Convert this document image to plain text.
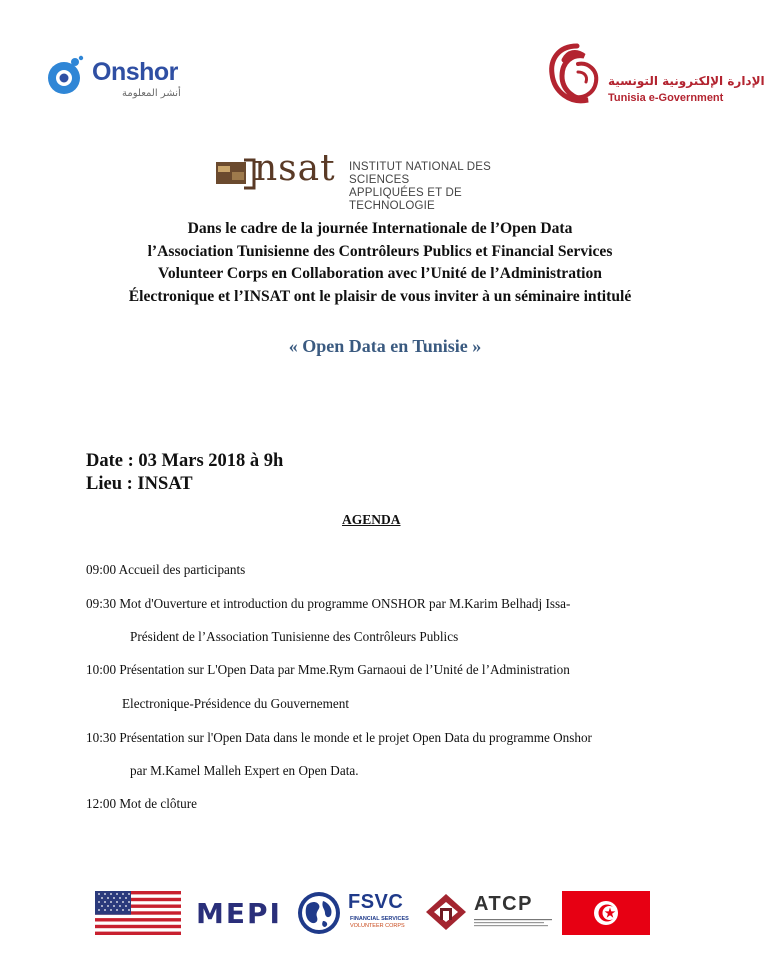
Onshor
أنشر المعلومة
الإدارة الإلكترونية التونسية
Tunisia e-Government
nsat INSTITUT NATIONAL DES SCIENCES
APPLIQUÉES ET DE TECHNOLOGIE
Dans le cadre de la journée Internationale de l’Open Data
l’Association Tunisienne des Contrôleurs Publics et Financial Services
Volunteer Corps en Collaboration avec l’Unité de l’Administration
Électronique et l’INSAT ont le plaisir de vous inviter à un séminaire intitulé
« Open Data en Tunisie »
Date : 03 Mars 2018 à 9h
Lieu : INSAT
AGENDA
09:00 Accueil des participants
09:30 Mot d'Ouverture et introduction du programme ONSHOR par M.Karim Belhadj Issa-
Président de l’Association Tunisienne des Contrôleurs Publics
10:00 Présentation sur L'Open Data par Mme.Rym Garnaoui de l’Unité de l’Administration
Electronique-Présidence du Gouvernement
10:30 Présentation sur l'Open Data dans le monde et le projet Open Data du programme Onshor
par M.Kamel Malleh Expert en Open Data.
12:00 Mot de clôture
MEPI	FSVC
FINANCIAL SERVICES
VOLUNTEER CORPS
ATCP
